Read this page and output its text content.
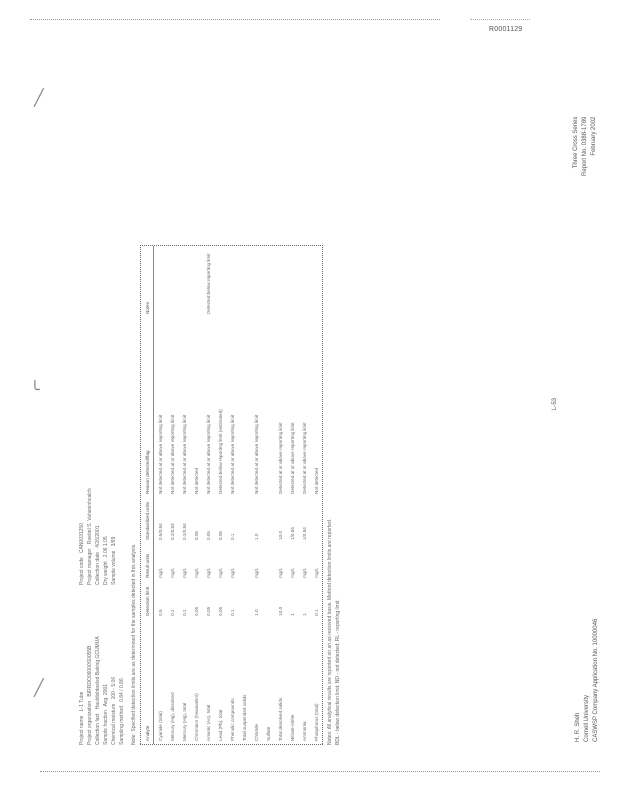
R0001129
╱
╰
╱
Three Cross Series Report No. 0388-1789 February 2002
L-53
H. R. Sheh Cornell University CASWSP Company Application No. 10000046
Project name   L-1 Tube
Project code   CAN0031250
Project organization   BIRRDO06000S0055B
Project manager   Roebel S. Vahaninhcalch
Collection fact   Hauldishtoelsd Baking GCUMUA
Collection date   4/26/2001
Sample fraction   Avg. 2001
Dry weight   2.06 1.05
Chemical moisture   100 - 5.06
Sample volume   3/89
Sampling method   0.84 / 0.86 Note: Specified detection limits are as determined for the samples detected in this analysis. Analyte	Detection limit	Result units	Standardized units	Reason detected/flag	Notes
Cyanide (total)	0.5	mg/L	0.5/0.84	Not detected at or above reporting limit	
Mercury (Hg), dissolved	0.2	mg/L	0.2/0.84	Not detected at or above reporting limit	
Mercury (Hg), total	0.2	mg/L	0.2/0.84	Not detected at or above reporting limit	
Chromium (hexavalent)	0.05	mg/L	0.05	Not detected	
Arsenic (As), total	0.05	mg/L	0.05	Not detected at or above reporting limit	Detected below reporting limit
Lead (Pb), total	0.05	mg/L	0.05	Detected below reporting limit (estimated)	
Phenolic compounds	0.1	mg/L	0.1	Not detected at or above reporting limit	
Total suspended solids					
Chloride	1.0	mg/L	1.0	Not detected at or above reporting limit	
Sulfate					
Total dissolved solids	10.0	mg/L	10.0	Detected at or above reporting limit	
Nitrate-nitrite	1	mg/L	1/0.84	Detected at or above reporting limit	
Ammonia	1	mg/L	1/0.84	Detected at or above reporting limit	
Phosphorus (total)	0.1	mg/L		Not detected	
Notes: All analytical results are reported on an as-received basis. Method detection limits are reported. BDL - below detection limit; ND - not detected; RL - reporting limit.
